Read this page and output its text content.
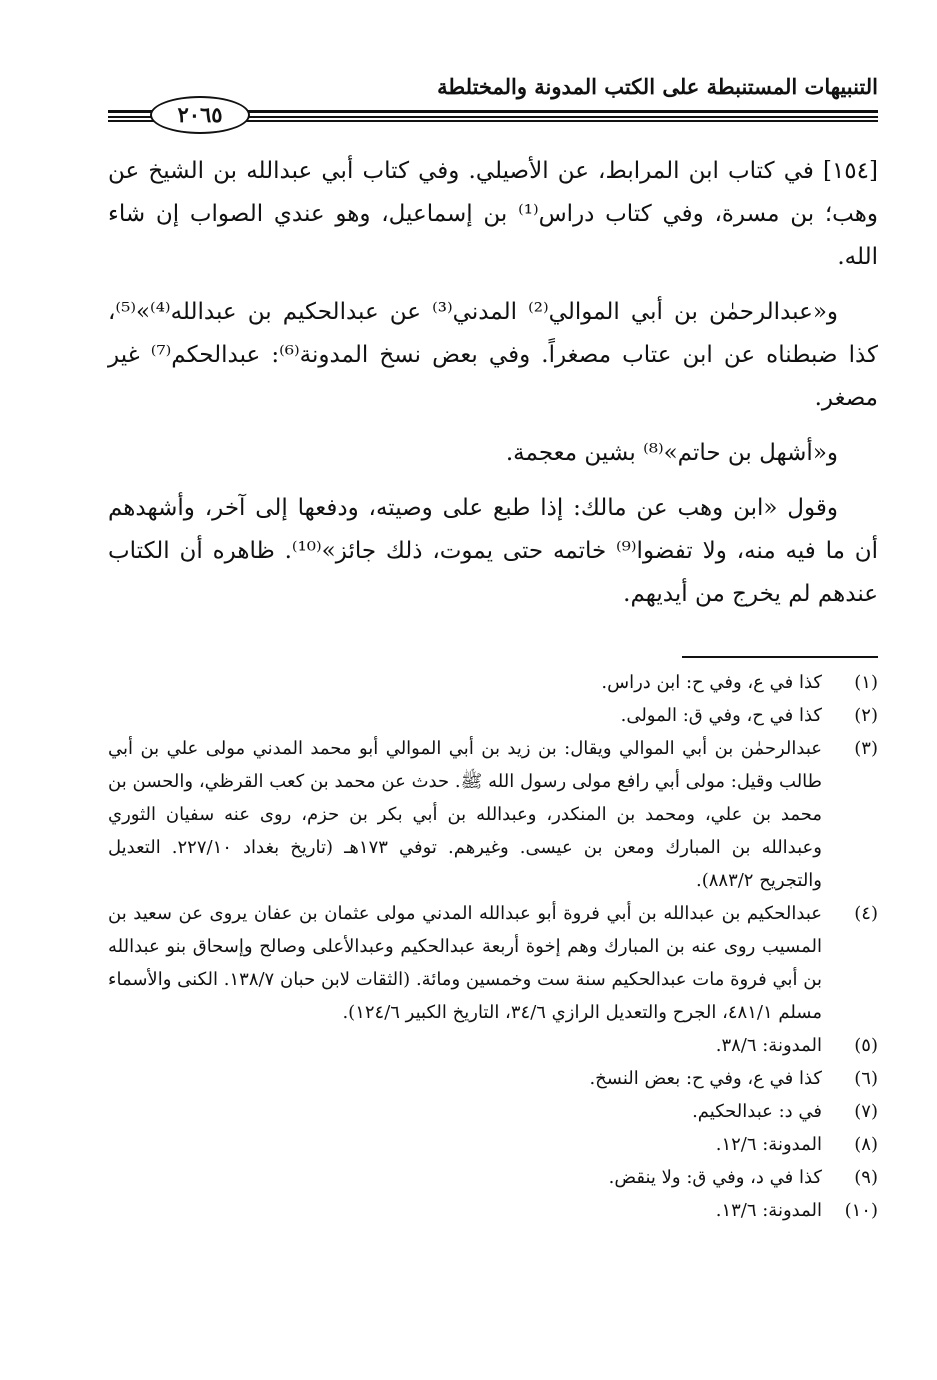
التنبيهات المستنبطة على الكتب المدونة والمختلطة
٢٠٦٥

[١٥٤] في كتاب ابن المرابط، عن الأصيلي. وفي كتاب أبي عبدالله بن الشيخ عن وهب؛ بن مسرة، وفي كتاب دراس⁽¹⁾ بن إسماعيل، وهو عندي الصواب إن شاء الله.

و«عبدالرحمٰن بن أبي الموالي⁽²⁾ المدني⁽³⁾ عن عبدالحكيم بن عبدالله⁽⁴⁾»⁽⁵⁾، كذا ضبطناه عن ابن عتاب مصغراً. وفي بعض نسخ المدونة⁽⁶⁾: عبدالحكم⁽⁷⁾ غير مصغر.

و«أشهل بن حاتم»⁽⁸⁾ بشين معجمة.

وقول «ابن وهب عن مالك: إذا طبع على وصيته، ودفعها إلى آخر، وأشهدهم أن ما فيه منه، ولا تفضوا⁽⁹⁾ خاتمه حتى يموت، ذلك جائز»⁽¹⁰⁾. ظاهره أن الكتاب عندهم لم يخرج من أيديهم.

(١)
كذا في ع، وفي ح: ابن دراس.
(٢)
كذا في ح، وفي ق: المولى.
(٣)
عبدالرحمٰن بن أبي الموالي ويقال: بن زيد بن أبي الموالي أبو محمد المدني مولى علي بن أبي طالب وقيل: مولى أبي رافع مولى رسول الله ﷺ. حدث عن محمد بن كعب القرظي، والحسن بن محمد بن علي، ومحمد بن المنكدر، وعبدالله بن أبي بكر بن حزم، روى عنه سفيان الثوري وعبدالله بن المبارك ومعن بن عيسى. وغيرهم. توفي ١٧٣هـ (تاريخ بغداد ٢٢٧/١٠. التعديل والتجريح ٨٨٣/٢).
(٤)
عبدالحكيم بن عبدالله بن أبي فروة أبو عبدالله المدني مولى عثمان بن عفان يروى عن سعيد بن المسيب روى عنه بن المبارك وهم إخوة أربعة عبدالحكيم وعبدالأعلى وصالح وإسحاق بنو عبدالله بن أبي فروة مات عبدالحكيم سنة ست وخمسين ومائة. (الثقات لابن حبان ١٣٨/٧. الكنى والأسماء مسلم ٤٨١/١، الجرح والتعديل الرازي ٣٤/٦، التاريخ الكبير ١٢٤/٦).
(٥)
المدونة: ٣٨/٦.
(٦)
كذا في ع، وفي ح: بعض النسخ.
(٧)
في د: عبدالحكيم.
(٨)
المدونة: ١٢/٦.
(٩)
كذا في د، وفي ق: ولا ينقض.
(١٠)
المدونة: ١٣/٦.
